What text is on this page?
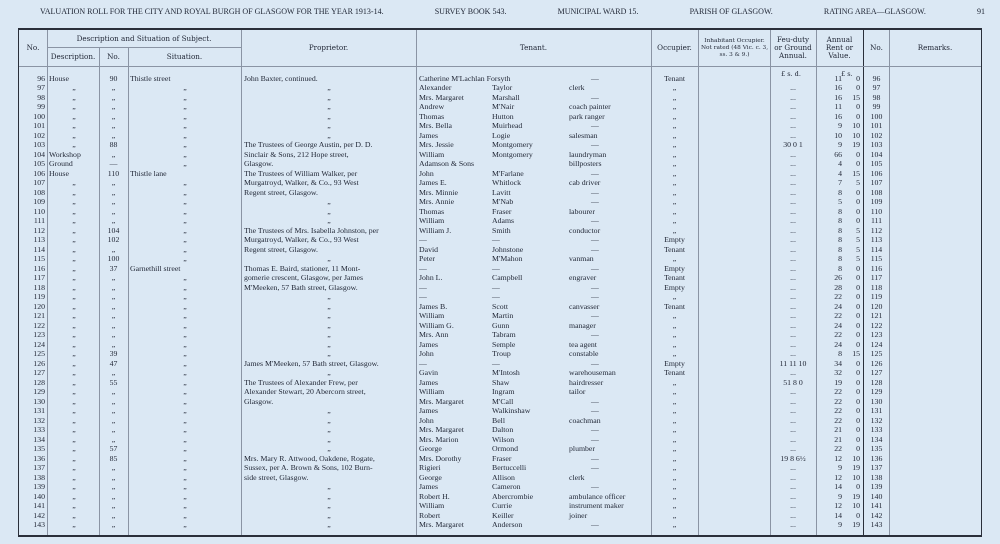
VALUATION ROLL FOR THE CITY AND ROYAL BURGH OF GLASGOW FOR THE YEAR 1913-14.	SURVEY BOOK 543.	MUNICIPAL WARD 15.	PARISH OF GLASGOW.	RATING AREA—GLASGOW.	91
No.
Description and Situation of Subject.
Description.	No.	Situation.
Proprietor.	Tenant.	Occupier.
Inhabitant Occupier. Not rated (48 Vic. c. 3, ss. 3 & 9.)
Feu-duty or Ground Annual.
Annual Rent or Value.
No.	Remarks.
£ s. d.	£ s.
96 House	90	Thistle street	John Baxter, continued.	Catherine M'Lachlan Forsyth	—	Tenant	11	0	96
97	„	„	„	„	Alexander	Taylor	clerk	„	...	16	0	97
98	„	„	„	„	Mrs. Margaret	Marshall	—	„	...	16	15	98
99	„	„	„	„	Andrew	M'Nair	coach painter	„	...	11	0	99
100	„	„	„	„	Thomas	Hutton	park ranger	„	...	16	0	100
101	„	„	„	„	Mrs. Bella	Muirhead	—	„	...	9	10	101
102	„	„	„	„	James	Logie	salesman	„	...	10	10	102
103	„	88	„	The Trustees of George Austin, per D. D.	Mrs. Jessie	Montgomery	—	„	30 0 1	9	19	103
104 Workshop	„	„	Sinclair & Sons, 212 Hope street,	William	Montgomery	laundryman	„	...	66	0	104
105 Ground	—	„	Glasgow.	Adamson & Sons	billposters	„	...	4	0	105
106 House	110	Thistle lane	The Trustees of William Walker, per	John	M'Farlane	—	„	...	4	15	106
107	„	„	„	Murgatroyd, Walker, & Co., 93 West	James E.	Whitlock	cab driver	„	...	7	5	107
108	„	„	„	Regent street, Glasgow.	Mrs. Minnie	Lavitt	—	„	...	8	0	108
109	„	„	„	„	Mrs. Annie	M'Nab	—	„	...	5	0	109
110	„	„	„	„	Thomas	Fraser	labourer	„	...	8	0	110
111	„	„	„	„	William	Adams	—	„	...	8	0	111
112	„	104	„	The Trustees of Mrs. Isabella Johnston, per	William J.	Smith	conductor	„	...	8	5	112
113	„	102	„	Murgatroyd, Walker, & Co., 93 West	—	—	—	Empty	...	8	5	113
114	„	„	„	Regent street, Glasgow.	David	Johnstone	—	Tenant	...	8	5	114
115	„	100	„	„	Peter	M'Mahon	vanman	„	...	8	5	115
116	„	37	Garnethill street	Thomas E. Baird, stationer, 11 Mont-	—	—	—	Empty	...	8	0	116
117	„	„	„	gomerie crescent, Glasgow, per James	John L.	Campbell	engraver	Tenant	...	26	0	117
118	„	„	„	M'Meeken, 57 Bath street, Glasgow.	—	—	—	Empty	...	28	0	118
119	„	„	„	„	—	—	—	„	...	22	0	119
120	„	„	„	„	James B.	Scott	canvasser	Tenant	...	24	0	120
121	„	„	„	„	William	Martin	—	„	...	22	0	121
122	„	„	„	„	William G.	Gunn	manager	„	...	24	0	122
123	„	„	„	„	Mrs. Ann	Tabram	—	„	...	22	0	123
124	„	„	„	„	James	Semple	tea agent	„	...	24	0	124
125	„	39	„	„	John	Troup	constable	„	...	8	15	125
126	„	47	„	James M'Meeken, 57 Bath street, Glasgow.	—	—	—	Empty	11 11 10	34	0	126
127	„	„	„	„	Gavin	M'Intosh	warehouseman	Tenant	...	32	0	127
128	„	55	„	The Trustees of Alexander Frew, per	James	Shaw	hairdresser	„	51 8 0	19	0	128
129	„	„	„	Alexander Stewart, 20 Abercorn street,	William	Ingram	tailor	„	...	22	0	129
130	„	„	„	Glasgow.	Mrs. Margaret	M'Call	—	„	...	22	0	130
131	„	„	„	„	James	Walkinshaw	—	„	...	22	0	131
132	„	„	„	„	John	Bell	coachman	„	...	22	0	132
133	„	„	„	„	Mrs. Margaret	Dalton	—	„	...	21	0	133
134	„	„	„	„	Mrs. Marion	Wilson	—	„	...	21	0	134
135	„	57	„	„	George	Ormond	plumber	„	...	22	0	135
136	„	85	„	Mrs. Mary R. Attwood, Oakdene, Rogate,	Mrs. Dorothy	Fraser	—	„	19 8 6½	12	10	136
137	„	„	„	Sussex, per A. Brown & Sons, 102 Burn-	Rigieri	Bertuccelli	—	„	...	9	19	137
138	„	„	„	side street, Glasgow.	George	Allison	clerk	„	...	12	10	138
139	„	„	„	„	James	Cameron	—	„	...	14	0	139
140	„	„	„	„	Robert H.	Abercrombie	ambulance officer	„	...	9	19	140
141	„	„	„	„	William	Currie	instrument maker	„	...	12	10	141
142	„	„	„	„	Robert	Keiller	joiner	„	...	14	0	142
143	„	„	„	„	Mrs. Margaret	Anderson	—	„	...	9	19	143
